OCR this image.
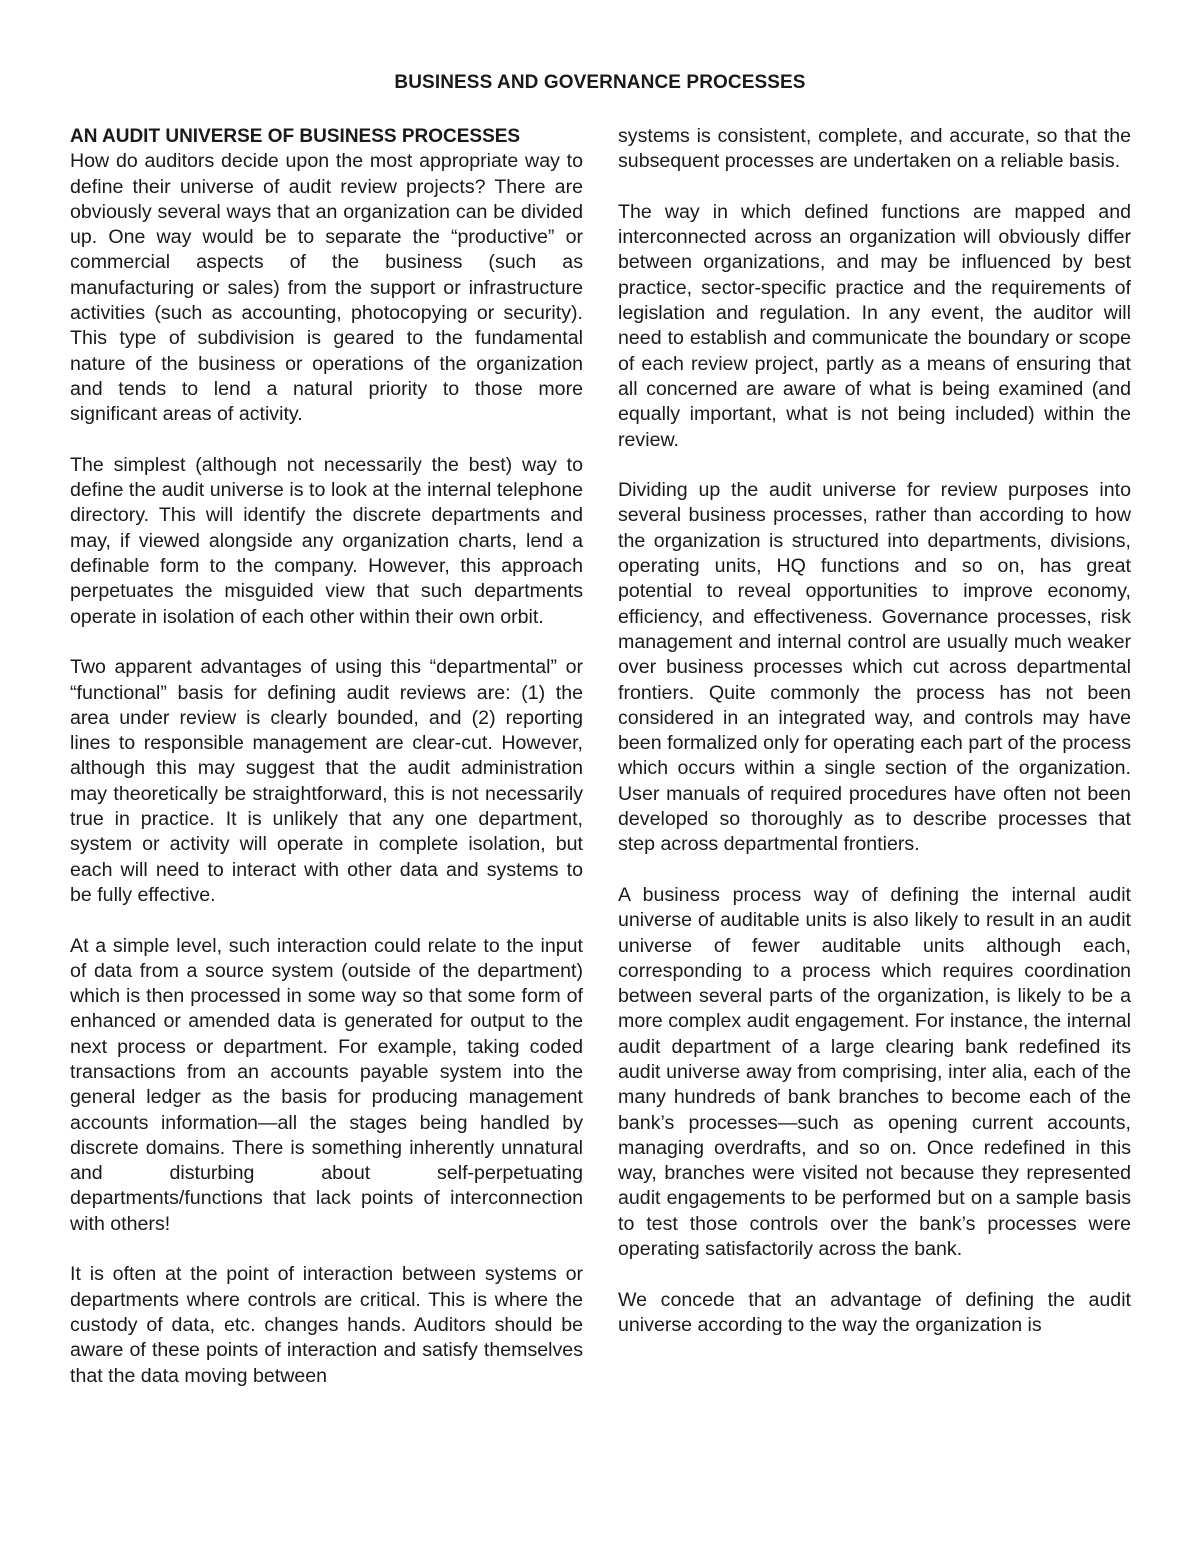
BUSINESS AND GOVERNANCE PROCESSES

AN AUDIT UNIVERSE OF BUSINESS PROCESSES
How do auditors decide upon the most appropriate way to define their universe of audit review projects? There are obviously several ways that an organization can be divided up. One way would be to separate the “productive” or commercial aspects of the business (such as manufacturing or sales) from the support or infrastructure activities (such as accounting, photocopying or security). This type of subdivision is geared to the fundamental nature of the business or operations of the organization and tends to lend a natural priority to those more significant areas of activity.

The simplest (although not necessarily the best) way to define the audit universe is to look at the internal telephone directory. This will identify the discrete departments and may, if viewed alongside any organization charts, lend a definable form to the company. However, this approach perpetuates the misguided view that such departments operate in isolation of each other within their own orbit.

Two apparent advantages of using this “departmental” or “functional” basis for defining audit reviews are: (1) the area under review is clearly bounded, and (2) reporting lines to responsible management are clear-cut. However, although this may suggest that the audit administration may theoretically be straightforward, this is not necessarily true in practice. It is unlikely that any one department, system or activity will operate in complete isolation, but each will need to interact with other data and systems to be fully effective.

At a simple level, such interaction could relate to the input of data from a source system (outside of the department) which is then processed in some way so that some form of enhanced or amended data is generated for output to the next process or department. For example, taking coded transactions from an accounts payable system into the general ledger as the basis for producing management accounts information—all the stages being handled by discrete domains. There is something inherently unnatural and disturbing about self-perpetuating departments/functions that lack points of interconnection with others!

It is often at the point of interaction between systems or departments where controls are critical. This is where the custody of data, etc. changes hands. Auditors should be aware of these points of interaction and satisfy themselves that the data moving between

systems is consistent, complete, and accurate, so that the subsequent processes are undertaken on a reliable basis.

The way in which defined functions are mapped and interconnected across an organization will obviously differ between organizations, and may be influenced by best practice, sector-specific practice and the requirements of legislation and regulation. In any event, the auditor will need to establish and communicate the boundary or scope of each review project, partly as a means of ensuring that all concerned are aware of what is being examined (and equally important, what is not being included) within the review.

Dividing up the audit universe for review purposes into several business processes, rather than according to how the organization is structured into departments, divisions, operating units, HQ functions and so on, has great potential to reveal opportunities to improve economy, efficiency, and effectiveness. Governance processes, risk management and internal control are usually much weaker over business processes which cut across departmental frontiers. Quite commonly the process has not been considered in an integrated way, and controls may have been formalized only for operating each part of the process which occurs within a single section of the organization. User manuals of required procedures have often not been developed so thoroughly as to describe processes that step across departmental frontiers.

A business process way of defining the internal audit universe of auditable units is also likely to result in an audit universe of fewer auditable units although each, corresponding to a process which requires coordination between several parts of the organization, is likely to be a more complex audit engagement. For instance, the internal audit department of a large clearing bank redefined its audit universe away from comprising, inter alia, each of the many hundreds of bank branches to become each of the bank’s processes—such as opening current accounts, managing overdrafts, and so on. Once redefined in this way, branches were visited not because they represented audit engagements to be performed but on a sample basis to test those controls over the bank’s processes were operating satisfactorily across the bank.

We concede that an advantage of defining the audit universe according to the way the organization is
